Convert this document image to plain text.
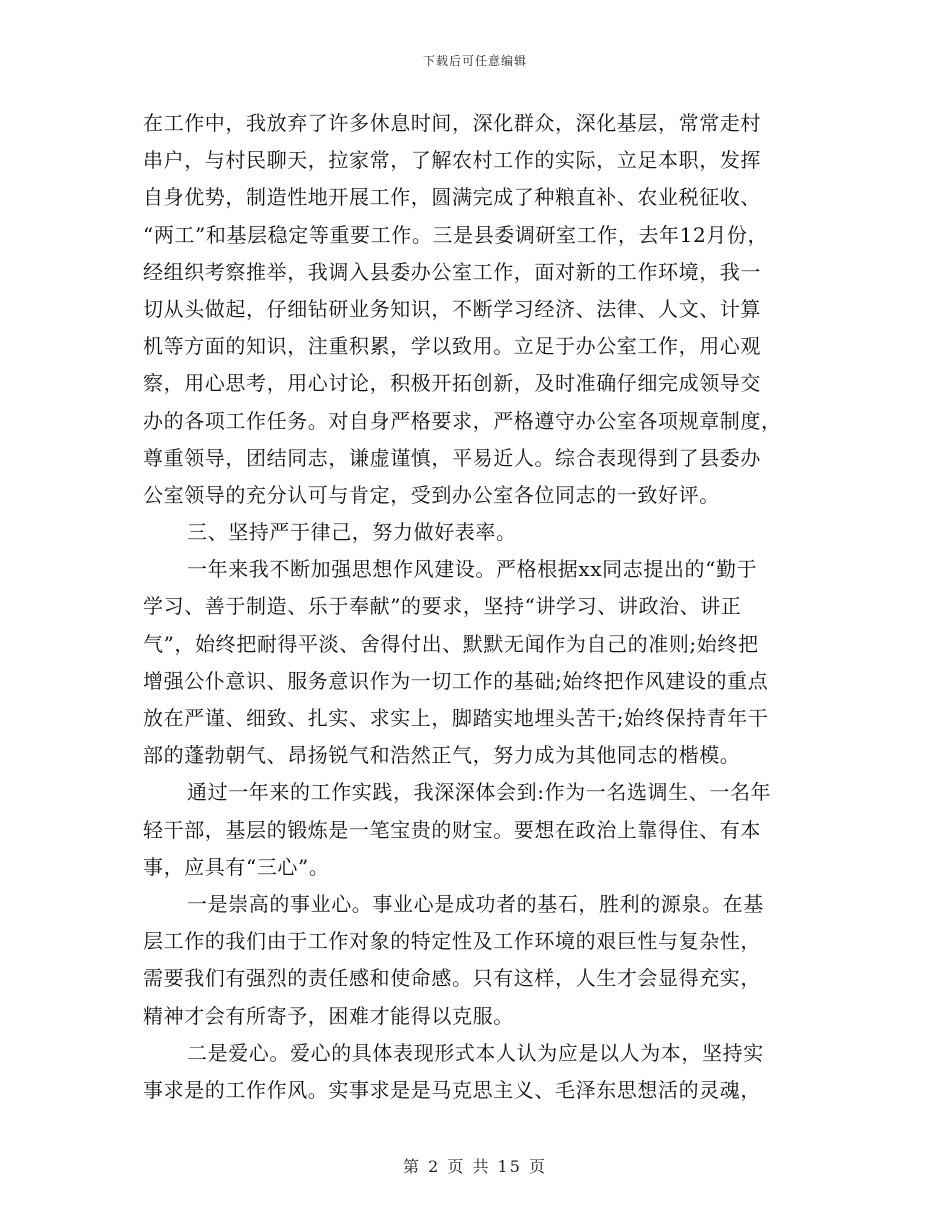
下载后可任意编辑
在工作中，我放弃了许多休息时间，深化群众，深化基层，常常走村
串户，与村民聊天，拉家常，了解农村工作的实际，立足本职，发挥
自身优势，制造性地开展工作，圆满完成了种粮直补、农业税征收、
“两工”和基层稳定等重要工作。三是县委调研室工作，去年12月份，
经组织考察推举，我调入县委办公室工作，面对新的工作环境，我一
切从头做起，仔细钻研业务知识，不断学习经济、法律、人文、计算
机等方面的知识，注重积累，学以致用。立足于办公室工作，用心观
察，用心思考，用心讨论，积极开拓创新，及时准确仔细完成领导交
办的各项工作任务。对自身严格要求，严格遵守办公室各项规章制度，
尊重领导，团结同志，谦虚谨慎，平易近人。综合表现得到了县委办
公室领导的充分认可与肯定，受到办公室各位同志的一致好评。
三、坚持严于律己，努力做好表率。
一年来我不断加强思想作风建设。严格根据xx同志提出的“勤于
学习、善于制造、乐于奉献”的要求，坚持“讲学习、讲政治、讲正
气”，始终把耐得平淡、舍得付出、默默无闻作为自己的准则;始终把
增强公仆意识、服务意识作为一切工作的基础;始终把作风建设的重点
放在严谨、细致、扎实、求实上，脚踏实地埋头苦干;始终保持青年干
部的蓬勃朝气、昂扬锐气和浩然正气，努力成为其他同志的楷模。
通过一年来的工作实践，我深深体会到:作为一名选调生、一名年
轻干部，基层的锻炼是一笔宝贵的财宝。要想在政治上靠得住、有本
事，应具有“三心”。
一是崇高的事业心。事业心是成功者的基石，胜利的源泉。在基
层工作的我们由于工作对象的特定性及工作环境的艰巨性与复杂性，
需要我们有强烈的责任感和使命感。只有这样，人生才会显得充实，
精神才会有所寄予，困难才能得以克服。
二是爱心。爱心的具体表现形式本人认为应是以人为本，坚持实
事求是的工作作风。实事求是是马克思主义、毛泽东思想活的灵魂，
第 2 页 共 15 页
